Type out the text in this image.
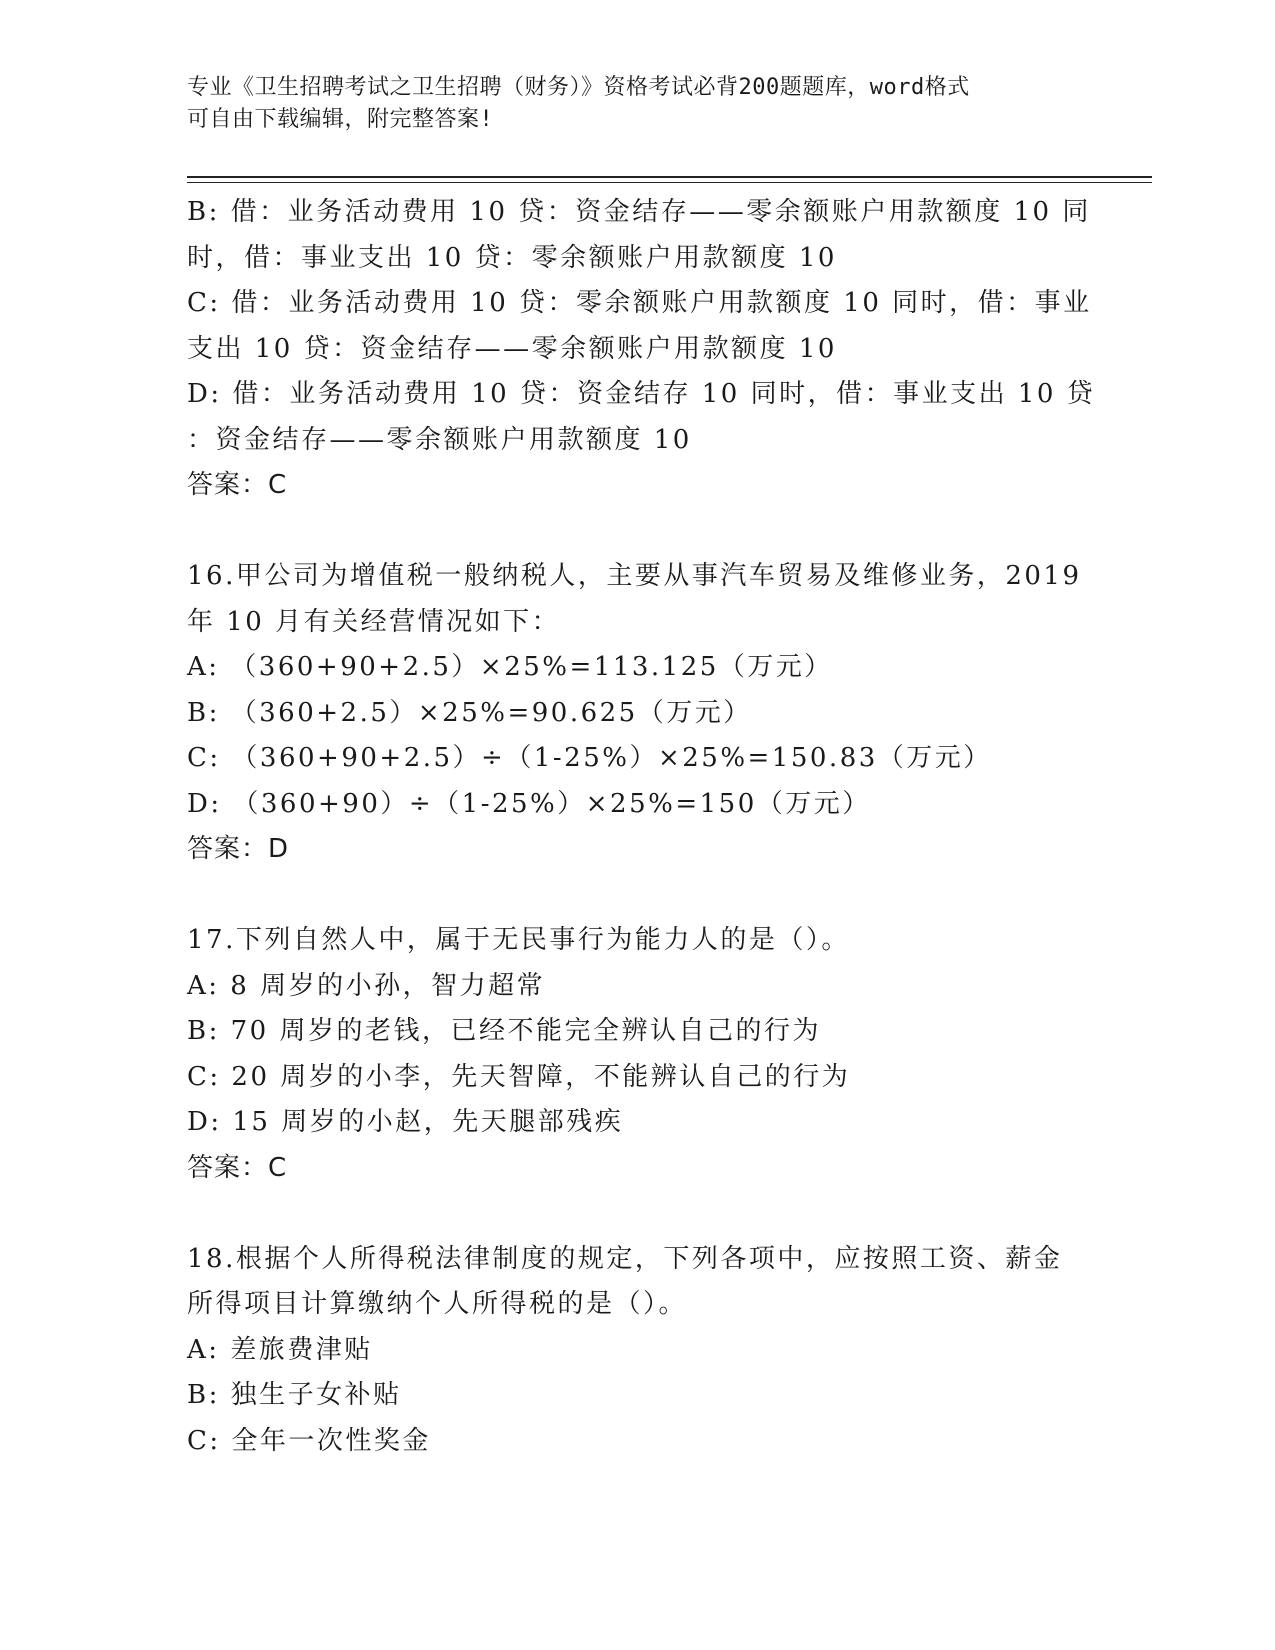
专业《卫生招聘考试之卫生招聘（财务）》资格考试必背200题题库，word格式
可自由下载编辑，附完整答案!
B: 借：业务活动费用 10 贷：资金结存——零余额账户用款额度 10 同
时，借：事业支出 10 贷：零余额账户用款额度 10
C: 借：业务活动费用 10 贷：零余额账户用款额度 10 同时，借：事业
支出 10 贷：资金结存——零余额账户用款额度 10
D: 借：业务活动费用 10 贷：资金结存 10 同时，借：事业支出 10 贷
：资金结存——零余额账户用款额度 10
答案：C
16.甲公司为增值税一般纳税人，主要从事汽车贸易及维修业务，2019
年 10 月有关经营情况如下：
A: （360+90+2.5）×25%=113.125（万元）
B: （360+2.5）×25%=90.625（万元）
C: （360+90+2.5）÷（1-25%）×25%=150.83（万元）
D: （360+90）÷（1-25%）×25%=150（万元）
答案：D
17.下列自然人中，属于无民事行为能力人的是（）。
A: 8 周岁的小孙，智力超常
B: 70 周岁的老钱，已经不能完全辨认自己的行为
C: 20 周岁的小李，先天智障，不能辨认自己的行为
D: 15 周岁的小赵，先天腿部残疾
答案：C
18.根据个人所得税法律制度的规定，下列各项中，应按照工资、薪金
所得项目计算缴纳个人所得税的是（）。
A: 差旅费津贴
B: 独生子女补贴
C: 全年一次性奖金
